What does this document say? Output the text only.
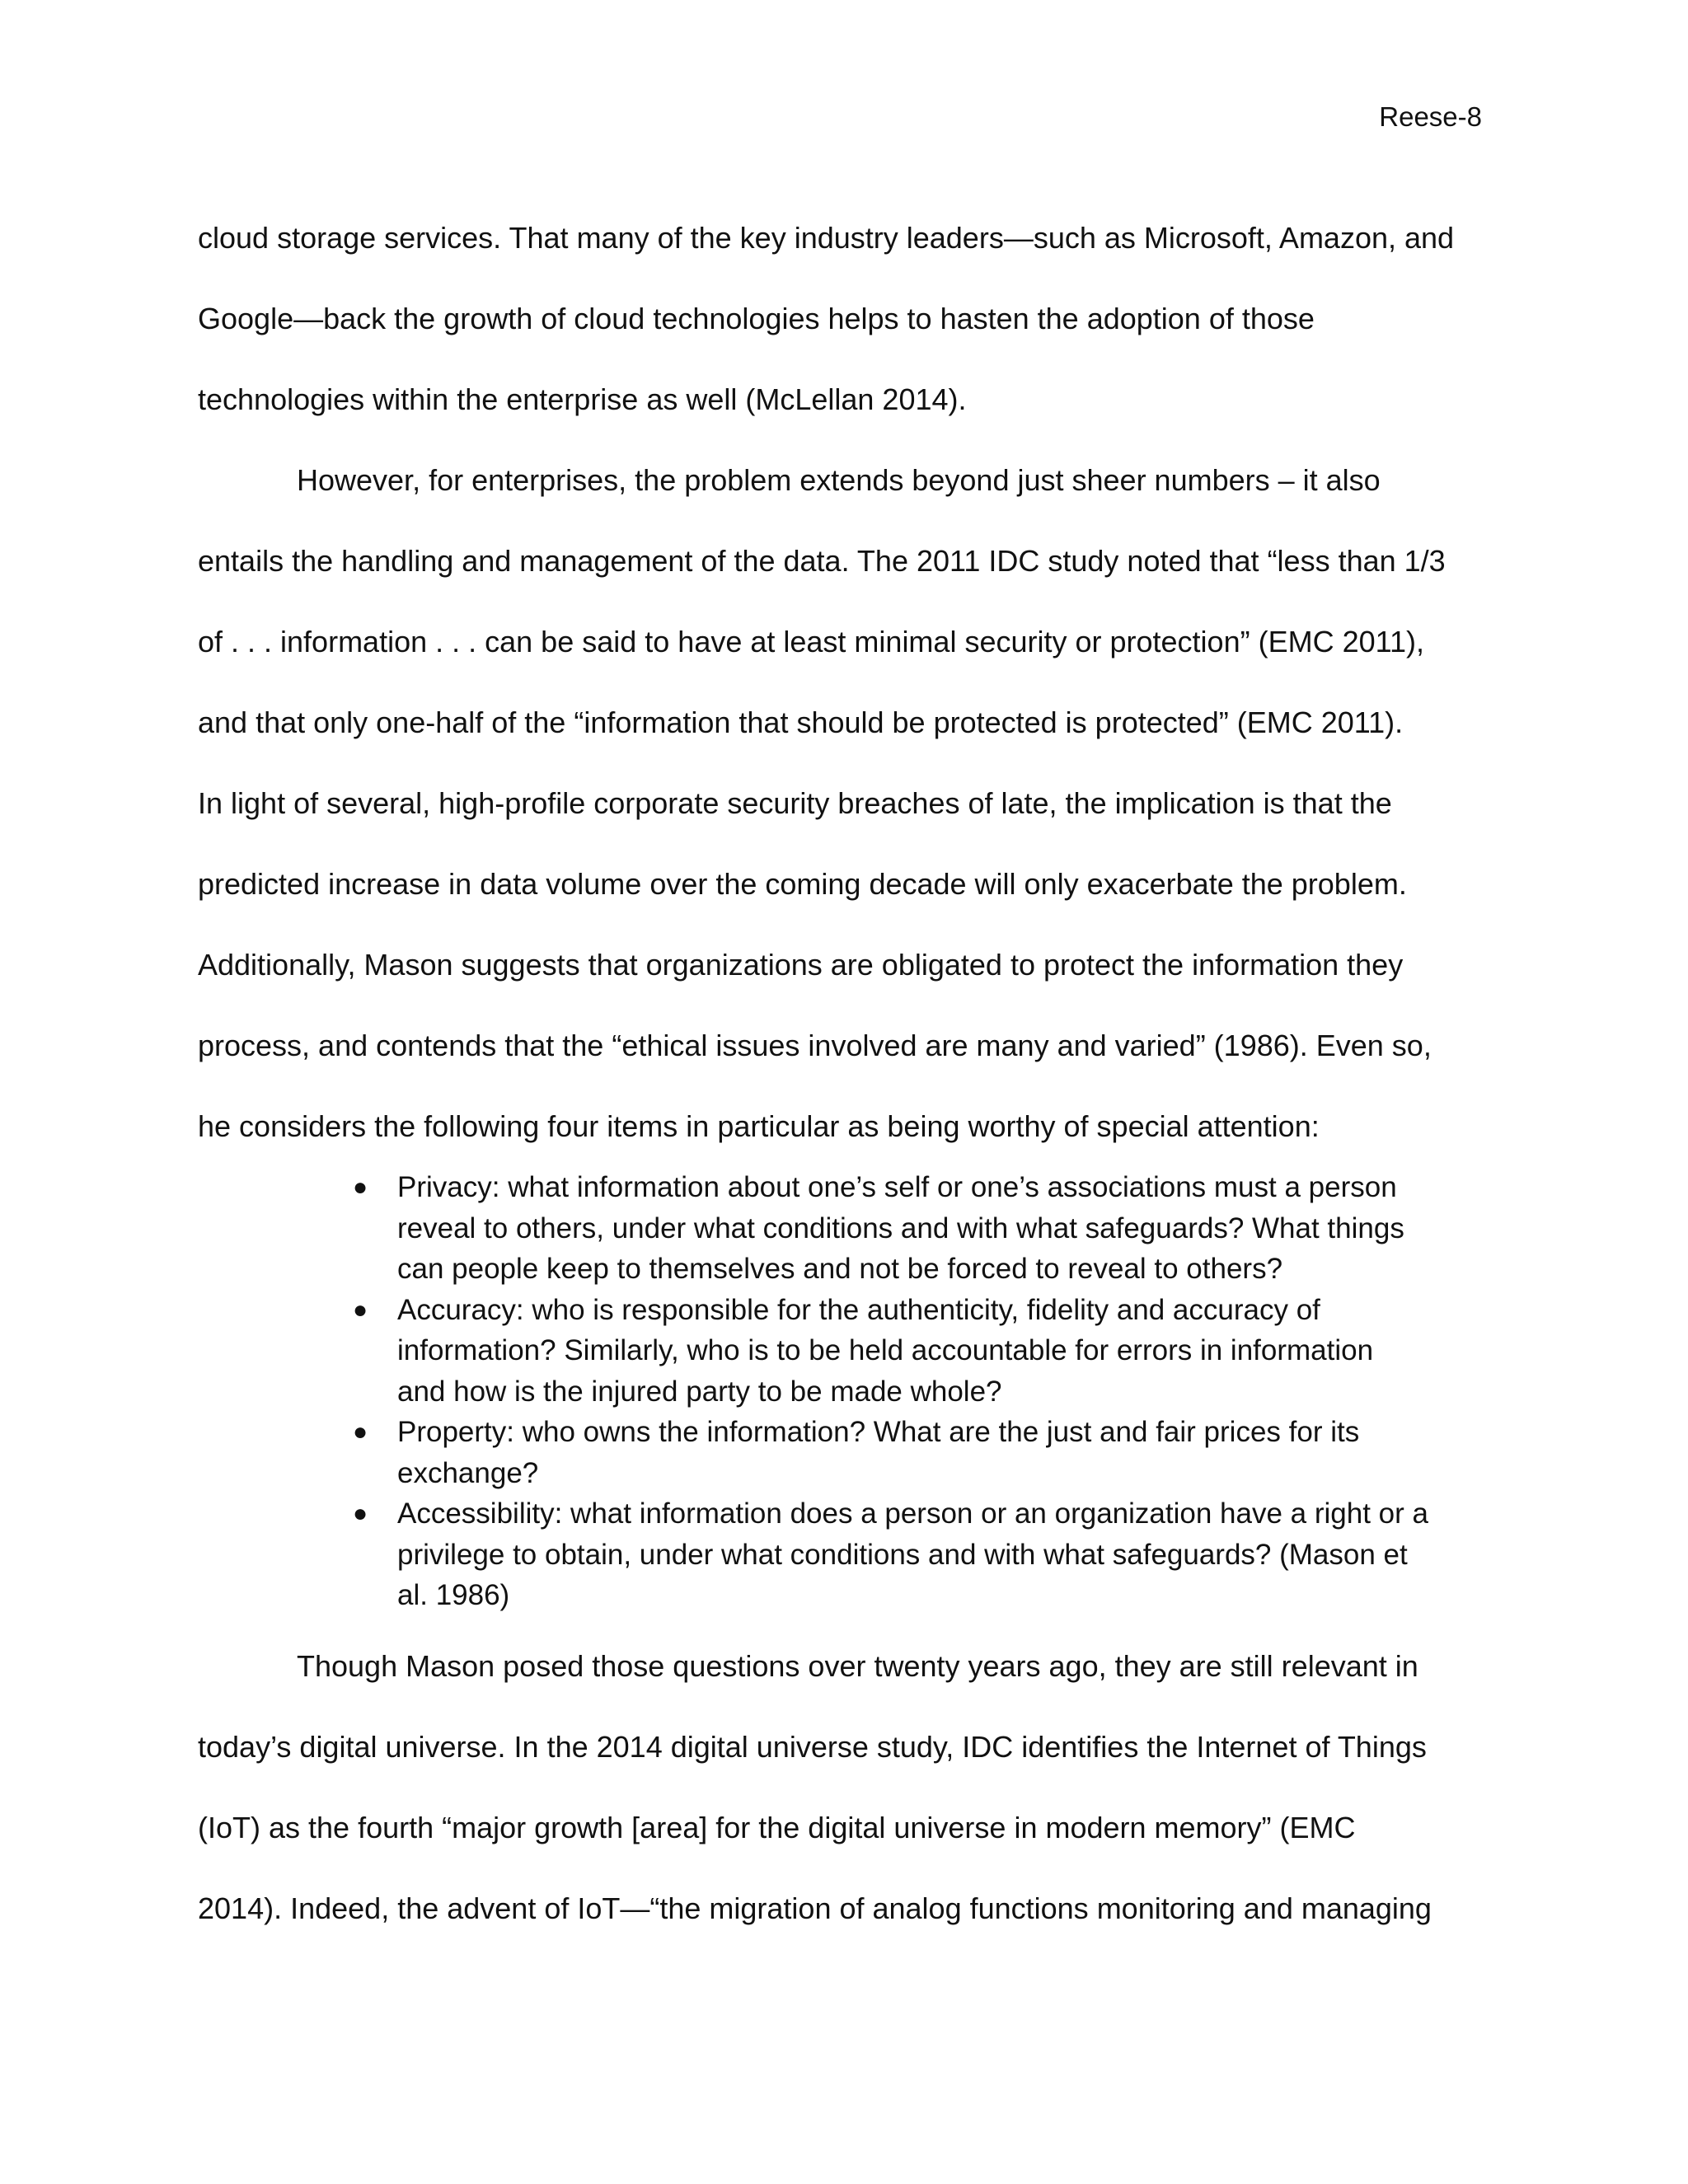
Reese-8
cloud storage services. That many of the key industry leaders—such as Microsoft, Amazon, and
Google—back the growth of cloud technologies helps to hasten the adoption of those
technologies within the enterprise as well (McLellan 2014).
However, for enterprises, the problem extends beyond just sheer numbers – it also
entails the handling and management of the data. The 2011 IDC study noted that “less than 1/3
of . . . information . . . can be said to have at least minimal security or protection” (EMC 2011),
and that only one-half of the “information that should be protected is protected” (EMC 2011).
In light of several, high-profile corporate security breaches of late, the implication is that the
predicted increase in data volume over the coming decade will only exacerbate the problem.
Additionally, Mason suggests that organizations are obligated to protect the information they
process, and contends that the “ethical issues involved are many and varied” (1986). Even so,
he considers the following four items in particular as being worthy of special attention:
● Privacy: what information about one’s self or one’s associations must a person
reveal to others, under what conditions and with what safeguards? What things
can people keep to themselves and not be forced to reveal to others?
● Accuracy: who is responsible for the authenticity, fidelity and accuracy of
information? Similarly, who is to be held accountable for errors in information
and how is the injured party to be made whole?
● Property: who owns the information? What are the just and fair prices for its
exchange?
● Accessibility: what information does a person or an organization have a right or a
privilege to obtain, under what conditions and with what safeguards? (Mason et
al. 1986)
Though Mason posed those questions over twenty years ago, they are still relevant in
today’s digital universe. In the 2014 digital universe study, IDC identifies the Internet of Things
(IoT) as the fourth “major growth [area] for the digital universe in modern memory” (EMC
2014). Indeed, the advent of IoT—“the migration of analog functions monitoring and managing
